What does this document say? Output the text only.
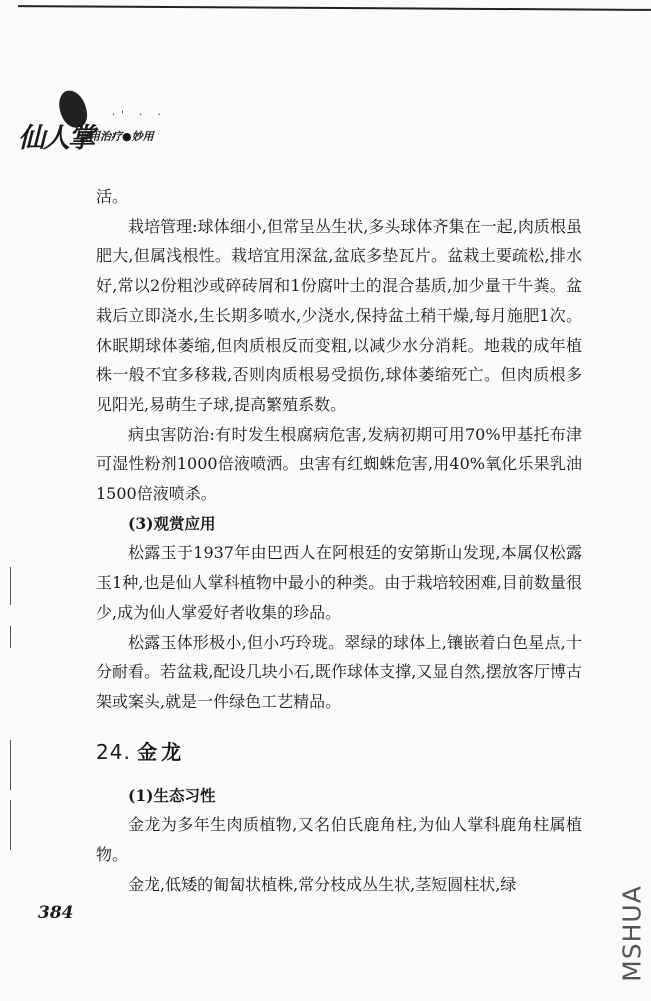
·' · ·
仙人掌
食用治疗●妙用

活。

栽培管理:球体细小,但常呈丛生状,多头球体齐集在一起,肉质根虽肥大,但属浅根性。栽培宜用深盆,盆底多垫瓦片。盆栽土要疏松,排水好,常以2份粗沙或碎砖屑和1份腐叶土的混合基质,加少量干牛粪。盆栽后立即浇水,生长期多喷水,少浇水,保持盆土稍干燥,每月施肥1次。休眠期球体萎缩,但肉质根反而变粗,以减少水分消耗。地栽的成年植株一般不宜多移栽,否则肉质根易受损伤,球体萎缩死亡。但肉质根多见阳光,易萌生子球,提高繁殖系数。

病虫害防治:有时发生根腐病危害,发病初期可用70%甲基托布津可湿性粉剂1000倍液喷洒。虫害有红蜘蛛危害,用40%氧化乐果乳油1500倍液喷杀。

(3)观赏应用

松露玉于1937年由巴西人在阿根廷的安第斯山发现,本属仅松露玉1种,也是仙人掌科植物中最小的种类。由于栽培较困难,目前数量很少,成为仙人掌爱好者收集的珍品。

松露玉体形极小,但小巧玲珑。翠绿的球体上,镶嵌着白色星点,十分耐看。若盆栽,配设几块小石,既作球体支撑,又显自然,摆放客厅博古架或案头,就是一件绿色工艺精品。

24. 金龙

(1)生态习性

金龙为多年生肉质植物,又名伯氏鹿角柱,为仙人掌科鹿角柱属植物。

金龙,低矮的匍匐状植株,常分枝成丛生状,茎短圆柱状,绿

384	MSHUA
